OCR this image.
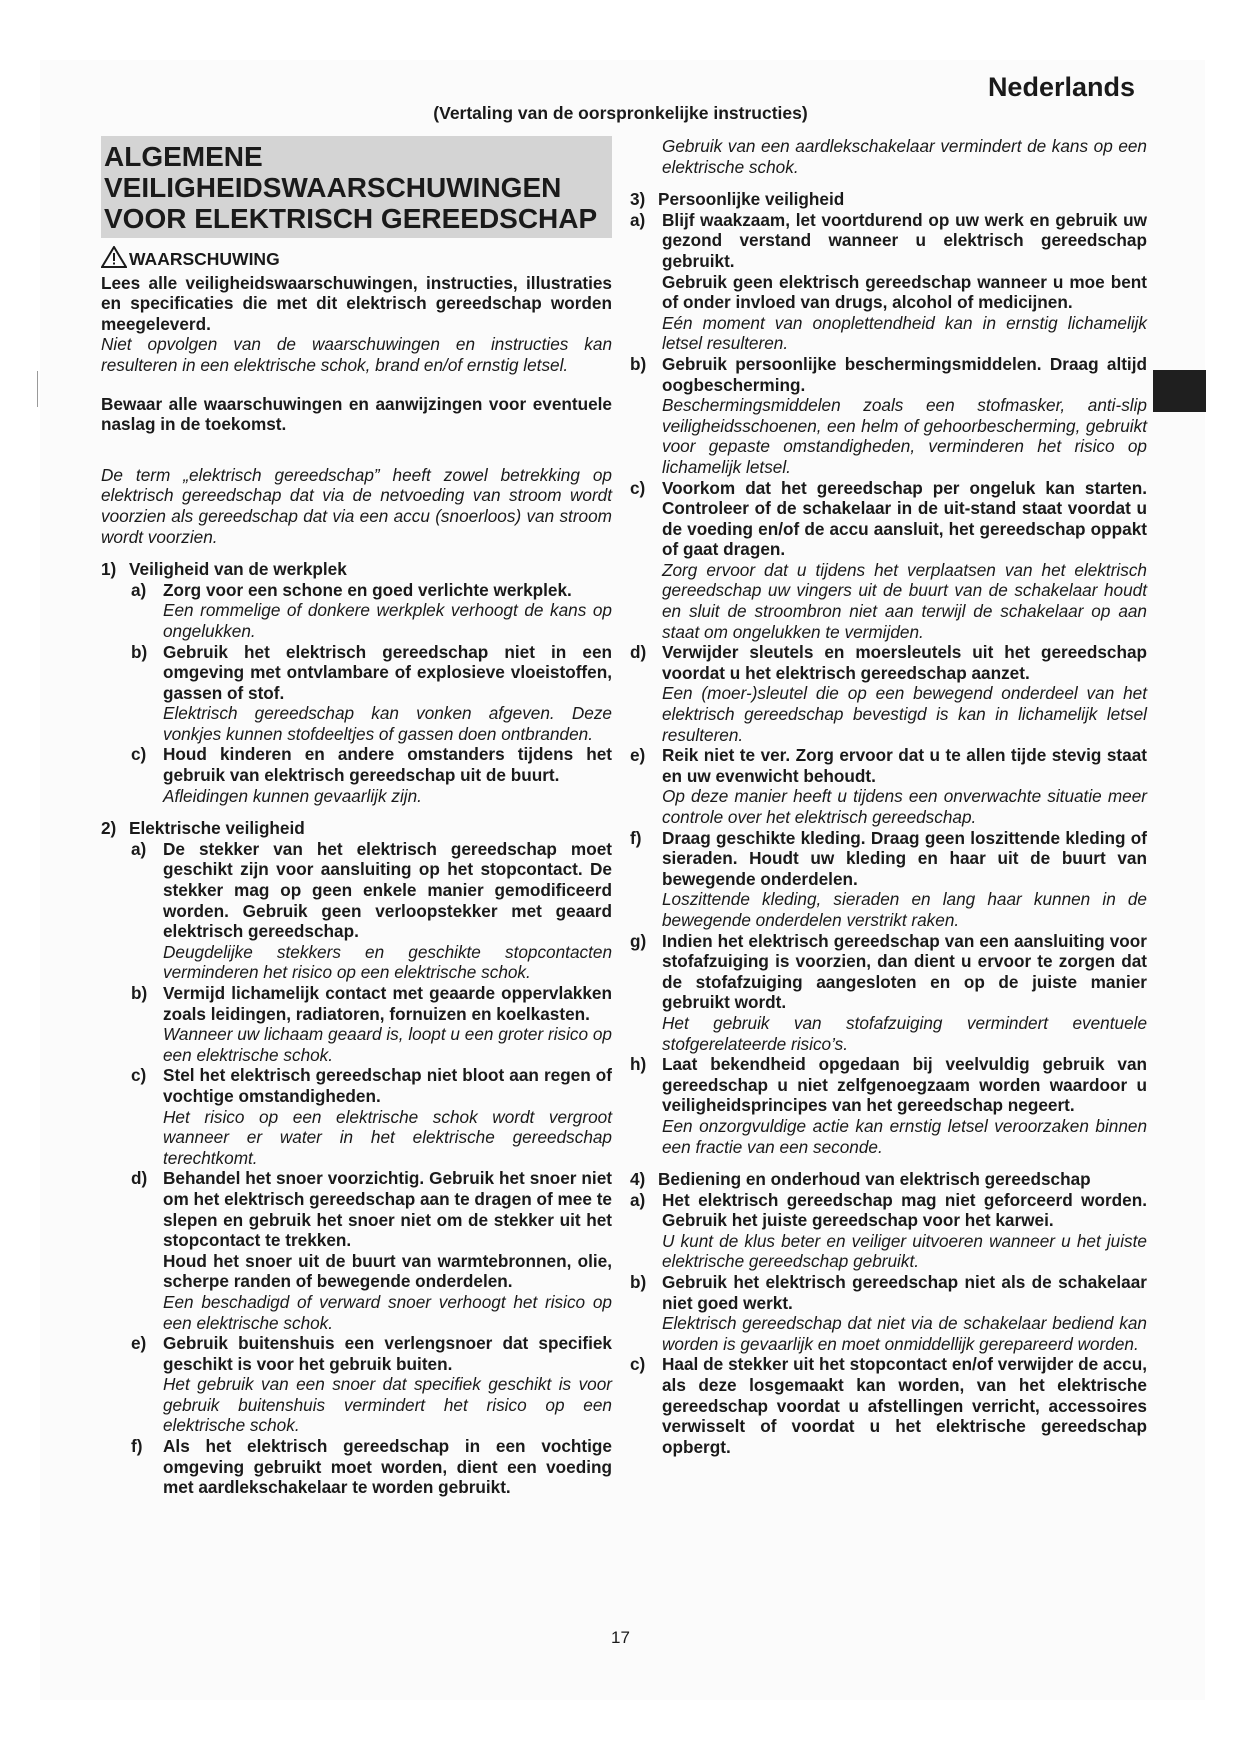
Nederlands
(Vertaling van de oorspronkelijke instructies)
ALGEMENE
VEILIGHEIDSWAARSCHUWINGEN
VOOR ELEKTRISCH GEREEDSCHAP
WAARSCHUWING

Lees alle veiligheidswaarschuwingen, instructies, illustraties en specificaties die met dit elektrisch gereedschap worden meegeleverd.

Niet opvolgen van de waarschuwingen en instructies kan resulteren in een elektrische schok, brand en/of ernstig letsel.

Bewaar alle waarschuwingen en aanwijzingen voor eventuele naslag in de toekomst.

De term „elektrisch gereedschap” heeft zowel betrekking op elektrisch gereedschap dat via de netvoeding van stroom wordt voorzien als gereedschap dat via een accu (snoerloos) van stroom wordt voorzien.

1) Veiligheid van de werkplek
a) Zorg voor een schone en goed verlichte werkplek.

Een rommelige of donkere werkplek verhoogt de kans op ongelukken.

b) Gebruik het elektrisch gereedschap niet in een omgeving met ontvlambare of explosieve vloeistoffen, gassen of stof.

Elektrisch gereedschap kan vonken afgeven. Deze vonkjes kunnen stofdeeltjes of gassen doen ontbranden.

c) Houd kinderen en andere omstanders tijdens het gebruik van elektrisch gereedschap uit de buurt.

Afleidingen kunnen gevaarlijk zijn.

2) Elektrische veiligheid
a) De stekker van het elektrisch gereedschap moet geschikt zijn voor aansluiting op het stopcontact. De stekker mag op geen enkele manier gemodificeerd worden. Gebruik geen verloopstekker met geaard elektrisch gereedschap.

Deugdelijke stekkers en geschikte stopcontacten verminderen het risico op een elektrische schok.

b) Vermijd lichamelijk contact met geaarde oppervlakken zoals leidingen, radiatoren, fornuizen en koelkasten.

Wanneer uw lichaam geaard is, loopt u een groter risico op een elektrische schok.

c) Stel het elektrisch gereedschap niet bloot aan regen of vochtige omstandigheden.

Het risico op een elektrische schok wordt vergroot wanneer er water in het elektrische gereedschap terechtkomt.

d) Behandel het snoer voorzichtig. Gebruik het snoer niet om het elektrisch gereedschap aan te dragen of mee te slepen en gebruik het snoer niet om de stekker uit het stopcontact te trekken.

Houd het snoer uit de buurt van warmtebronnen, olie, scherpe randen of bewegende onderdelen.

Een beschadigd of verward snoer verhoogt het risico op een elektrische schok.

e) Gebruik buitenshuis een verlengsnoer dat specifiek geschikt is voor het gebruik buiten.

Het gebruik van een snoer dat specifiek geschikt is voor gebruik buitenshuis vermindert het risico op een elektrische schok.

f)	Als het elektrisch gereedschap in een vochtige omgeving gebruikt moet worden, dient een voeding met aardlekschakelaar te worden gebruikt.

Gebruik van een aardlekschakelaar vermindert de kans op een elektrische schok.

3) Persoonlijke veiligheid
a) Blijf waakzaam, let voortdurend op uw werk en gebruik uw gezond verstand wanneer u elektrisch gereedschap gebruikt.

Gebruik geen elektrisch gereedschap wanneer u moe bent of onder invloed van drugs, alcohol of medicijnen.

Eén moment van onoplettendheid kan in ernstig lichamelijk letsel resulteren.

b) Gebruik persoonlijke beschermingsmiddelen. Draag altijd oogbescherming.

Beschermingsmiddelen zoals een stofmasker, anti-slip veiligheidsschoenen, een helm of gehoorbescherming, gebruikt voor gepaste omstandigheden, verminderen het risico op lichamelijk letsel.

c) Voorkom dat het gereedschap per ongeluk kan starten. Controleer of de schakelaar in de uit-stand staat voordat u de voeding en/of de accu aansluit, het gereedschap oppakt of gaat dragen.

Zorg ervoor dat u tijdens het verplaatsen van het elektrisch gereedschap uw vingers uit de buurt van de schakelaar houdt en sluit de stroombron niet aan terwijl de schakelaar op aan staat om ongelukken te vermijden.

d) Verwijder sleutels en moersleutels uit het gereedschap voordat u het elektrisch gereedschap aanzet.

Een (moer-)sleutel die op een bewegend onderdeel van het elektrisch gereedschap bevestigd is kan in lichamelijk letsel resulteren.

e) Reik niet te ver. Zorg ervoor dat u te allen tijde stevig staat en uw evenwicht behoudt.

Op deze manier heeft u tijdens een onverwachte situatie meer controle over het elektrisch gereedschap.

f)	Draag geschikte kleding. Draag geen loszittende kleding of sieraden. Houdt uw kleding en haar uit de buurt van bewegende onderdelen.

Loszittende kleding, sieraden en lang haar kunnen in de bewegende onderdelen verstrikt raken.

g) Indien het elektrisch gereedschap van een aansluiting voor stofafzuiging is voorzien, dan dient u ervoor te zorgen dat de stofafzuiging aangesloten en op de juiste manier gebruikt wordt.

Het gebruik van stofafzuiging vermindert eventuele stofgerelateerde risico’s.

h) Laat bekendheid opgedaan bij veelvuldig gebruik van gereedschap u niet zelfgenoegzaam worden waardoor u veiligheidsprincipes van het gereedschap negeert.

Een onzorgvuldige actie kan ernstig letsel veroorzaken binnen een fractie van een seconde.

4) Bediening en onderhoud van elektrisch gereedschap
a) Het elektrisch gereedschap mag niet geforceerd worden. Gebruik het juiste gereedschap voor het karwei.

U kunt de klus beter en veiliger uitvoeren wanneer u het juiste elektrische gereedschap gebruikt.

b) Gebruik het elektrisch gereedschap niet als de schakelaar niet goed werkt.

Elektrisch gereedschap dat niet via de schakelaar bediend kan worden is gevaarlijk en moet onmiddellijk gerepareerd worden.

c) Haal de stekker uit het stopcontact en/of verwijder de accu, als deze losgemaakt kan worden, van het elektrische gereedschap voordat u afstellingen verricht, accessoires verwisselt of voordat u het elektrische gereedschap opbergt.
17
